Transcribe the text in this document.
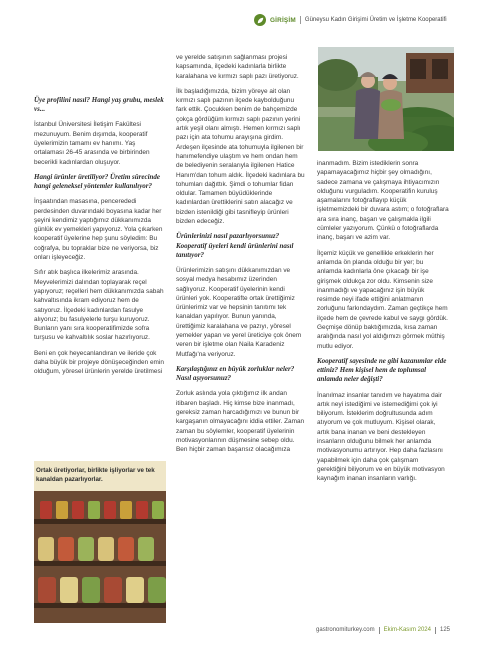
GİRİŞİM Güneysu Kadın Girişimi Üretim ve İşletme Kooperatifi

Üye profilini nasıl? Hangi yaş grubu, meslek vs...

İstanbul Üniversitesi İletişim Fakültesi mezunuyum. Benim dışımda, kooperatif üyelerimizin tamamı ev hanımı. Yaş ortalaması 26-45 arasında ve birbirinden becerikli kadınlardan oluşuyor.

Hangi ürünler üretiliyor? Üretim sürecinde hangi geleneksel yöntemler kullanılıyor?

İnşaatından masasına, pencerededi perdesinden duvarındaki boyasına kadar her şeyini kendimiz yaptığımız dükkanımızda günlük ev yemekleri yapıyoruz. Yola çıkarken kooperatif üyelerine hep şunu söyledim: Bu coğrafya, bu topraklar bize ne veriyorsa, biz onları işleyeceğiz.

Sıfır atık başlıca ilkelerimiz arasında. Meyvelerimizi dalından toplayarak reçel yapıyoruz; reçelleri hem dükkanımızda sabah kahvaltısında ikram ediyoruz hem de satıyoruz. İlçedeki kadınlardan fasulye alıyoruz; bu fasulyelerle turşu kuruyoruz. Bunların yanı sıra kooperatifimizde sofra turşusu ve kahvaltılık soslar hazırlıyoruz.

Beni en çok heyecanlandıran ve ileride çok daha büyük bir projeye dönüşeceğinden emin olduğum, yöresel ürünlerin yerelde üretilmesi

Ortak üretiyorlar, birlikte işliyorlar ve tek kanaldan pazarlıyorlar.

ve yerelde satışının sağlanması projesi kapsamında, ilçedeki kadınlarla birlikte karalahana ve kırmızı saplı pazı üretiyoruz.

İlk başladığımızda, bizim yöreye ait olan kırmızı saplı pazının ilçede kaybolduğunu fark ettik. Çocukken benim de bahçemizde çokça gördüğüm kırmızı saplı pazının yerini artık yeşil olanı almıştı. Hemen kırmızı saplı pazı için ata tohumu arayışına girdim. Ardeşen ilçesinde ata tohumuyla ilgilenen bir hanımefendiye ulaştım ve hem ondan hem de belediyenin seralarıyla ilgilenen Hatice Hanım'dan tohum aldık. İlçedeki kadınlara bu tohumları dağıttık. Şimdi o tohumlar fidan oldular. Tamamen büyüdüklerinde kadınlardan ürettiklerini satın alacağız ve bizden istenildiği gibi tasnifleyip ürünleri bizden edeceğiz.

Ürünlerinizi nasıl pazarlıyorsunuz? Kooperatif üyeleri kendi ürünlerini nasıl tanıtıyor?

Ürünlerimizin satışını dükkanımızdan ve sosyal medya hesabımız üzerinden sağlıyoruz. Kooperatif üyelerinin kendi ürünleri yok. Kooperatifte ortak ürettiğimiz ürünlerimiz var ve hepsinin tanıtımı tek kanaldan yapılıyor. Bunun yanında, ürettiğimiz karalahana ve pazıyı, yöresel yemekler yapan ve yerel üreticiye çok önem veren bir işletme olan Naila Karadeniz Mutfağı'na veriyoruz.

Karşılaştığınız en büyük zorluklar neler? Nasıl aşıyorsunuz?

Zorluk aslında yola çıktığımız ilk andan itibaren başladı. Hiç kimse bize inanmadı, gereksiz zaman harcadığımızı ve bunun bir kargaşanın olmayacağını iddia ettiler. Zaman zaman bu söylemler, kooperatif üyelerinin motivasyonlarının düşmesine sebep oldu. Ben hiçbir zaman başarısız olacağımıza

inanmadım. Bizim istediklerin sonra yapamayacağımız hiçbir şey olmadığını, sadece zamana ve çalışmaya ihtiyacımızın olduğunu vurguladım. Kooperatifin kuruluş aşamalarını fotoğraflayıp küçük işletmemizdeki bir duvara astım; o fotoğraflara ara sıra inanç, başarı ve çalışmakla ilgili cümleler yazıyorum. Çünkü o fotoğraflarda inanç, başarı ve azim var.

İlçemiz küçük ve genellikle erkeklerin her anlamda ön planda olduğu bir yer; bu anlamda kadınlarla öne çıkacağı bir işe girişmek oldukça zor oldu. Kimsenin size inanmadığı ve yapacağınız işin büyük resimde neyi ifade ettiğini anlatmanın zorluğunu farkındaydım. Zaman geçtikçe hem ilçede hem de çevrede kabul ve saygı gördük. Geçmişe dönüp baktığımızda, kısa zaman aralığında nasıl yol aldığımızı görmek müthiş mutlu ediyor.

Kooperatif sayesinde ne gibi kazanımlar elde ettiniz? Hem kişisel hem de toplumsal anlamda neler değişti?

İnanılmaz insanlar tanıdım ve hayatıma dair artık neyi istediğimi ve istemediğimi çok iyi biliyorum. İsteklerim doğrultusunda adım atıyorum ve çok mutluyum. Kişisel olarak, artık bana inanan ve beni destekleyen insanların olduğunu bilmek her anlamda motivasyonumu artırıyor. Hep daha fazlasını yapabilmek için daha çok çalışmam gerektiğini biliyorum ve en büyük motivasyon kaynağım inanan insanların varlığı.

gastronomiturkey.com Ekim-Kasım 2024 125
